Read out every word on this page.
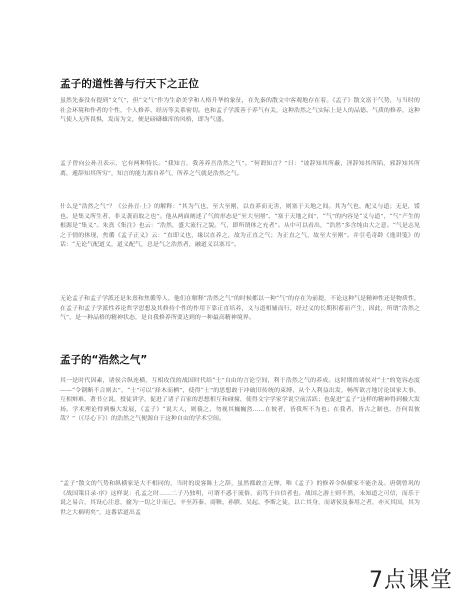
孟子的道性善与行天下之正位

虽然先秦没有提到“文气”，但“文气”作为生命美学和人格升华的象征，在先秦的散文中客观地存在着。《孟子》散文富于气势，与当时的社会环境和作者的个性，个人修养、经历等关系密切。也和孟子学派善于养气有关，这种浩然之气实际上是人的品德、气质的修养，这种气使人无所畏惧，发而为文，便是磅礴雄浑的风格，即为气盛。

孟子曾向公孙丑表示，它有两种特长。“我知言，我善养吾浩然之气”。“何谓知言？”曰：“诐辞知其所蔽，淫辞知其所陷，邪辞知其所离，遁辞知其所穷”，知言的能力源自养气，所养之气就是浩然之气。

什么是“浩然之气”？《公孙丑·上》的解释：“其为气也，至大至刚，以直养而无害，则塞于天地之间。其为气也，配义与道；无是，馁也。是集义所生者，非义袭而取之也”。他从两面阐述了气的形态是“至大至刚”、“塞于天地之间”，“气”的内容是“义与道”，“气”产生的根源是“集义”。朱熹《集注》也云：“浩然，盛大流行之貌。气，即所谓体之充者”。从中可以看出，“浩然”多含纯由大之意。“气是志见之于情的体现，焦循《孟子正义》云：“直即义也，缘以直养之，故为正直之气；为正直之气，故至大至刚”。并引毛奇龄《逸讲笺》的话：“无论气配道义，道义配气，总是气之浩然者，融道义以塞耳”。

无论孟子和孟子学派还是朱熹和焦循等人，他们在解释“浩然之气”的时候都以一种“气”的存在为前提，不论这种气是精神性还是物质性，在孟子和孟子学派性养论哲学思想及其修持个性的作用下靠正直培养，义与道相辅而行，经过义的长期积蓄而产生，因此，所谓“浩然之气”，是一种品格的精神状态，是自我修养所要达到的一种最高精神境界。

孟子的“浩然之气”

其一是时代因素，诸侯合纵连横，互相攻伐的战国时代给“士”自由的言论空间，利于浩然之气的养成。这时期的诸侯对“士”的宽容态度——“令钢断不合则去”，“士”可以“择木而栖”，使得“士”的思想敢于冲破旧传统的束缚，从个人利益出发，畅所欲言地讨论国家大事，互相辩难，著书立说，授徒讲学，促进了诸子百家的思想相互和碰撞，使得文字学家学说空前活跃；也促进“孟子”这样的精神得到极大发扬。学术理论得到极大发展，《孟子》“说大人，则藐之，勿视其巍巍然……在彼者，皆我所不为也；在我者，皆古之制也，吾何畏彼哉？”（《尽心下》）的浩然之气便源自于这种自由的学术空间。

“孟子”散文的气势和纵横家是大不相同的，当时的说客陈士之辞，虽然都敢言无惮，唯《孟子》的修养令纵横家不能企及。唐朝曾巩的《战国策目录·序》这样说：孔孟之时……二子乃独明，可谓不惑于流俗，而笃于自信者也。战国之游士则不然，未知道之可信，而乐于说之易合，其设心注意，偷为一切之计而已。辛至苏秦、商鞅、孙膑、吴起、李斯之徒，以亡其身，而诸侯及秦用之者，亦灭其国，其为世之大祸明矣”，这番话道出孟

7点课堂
